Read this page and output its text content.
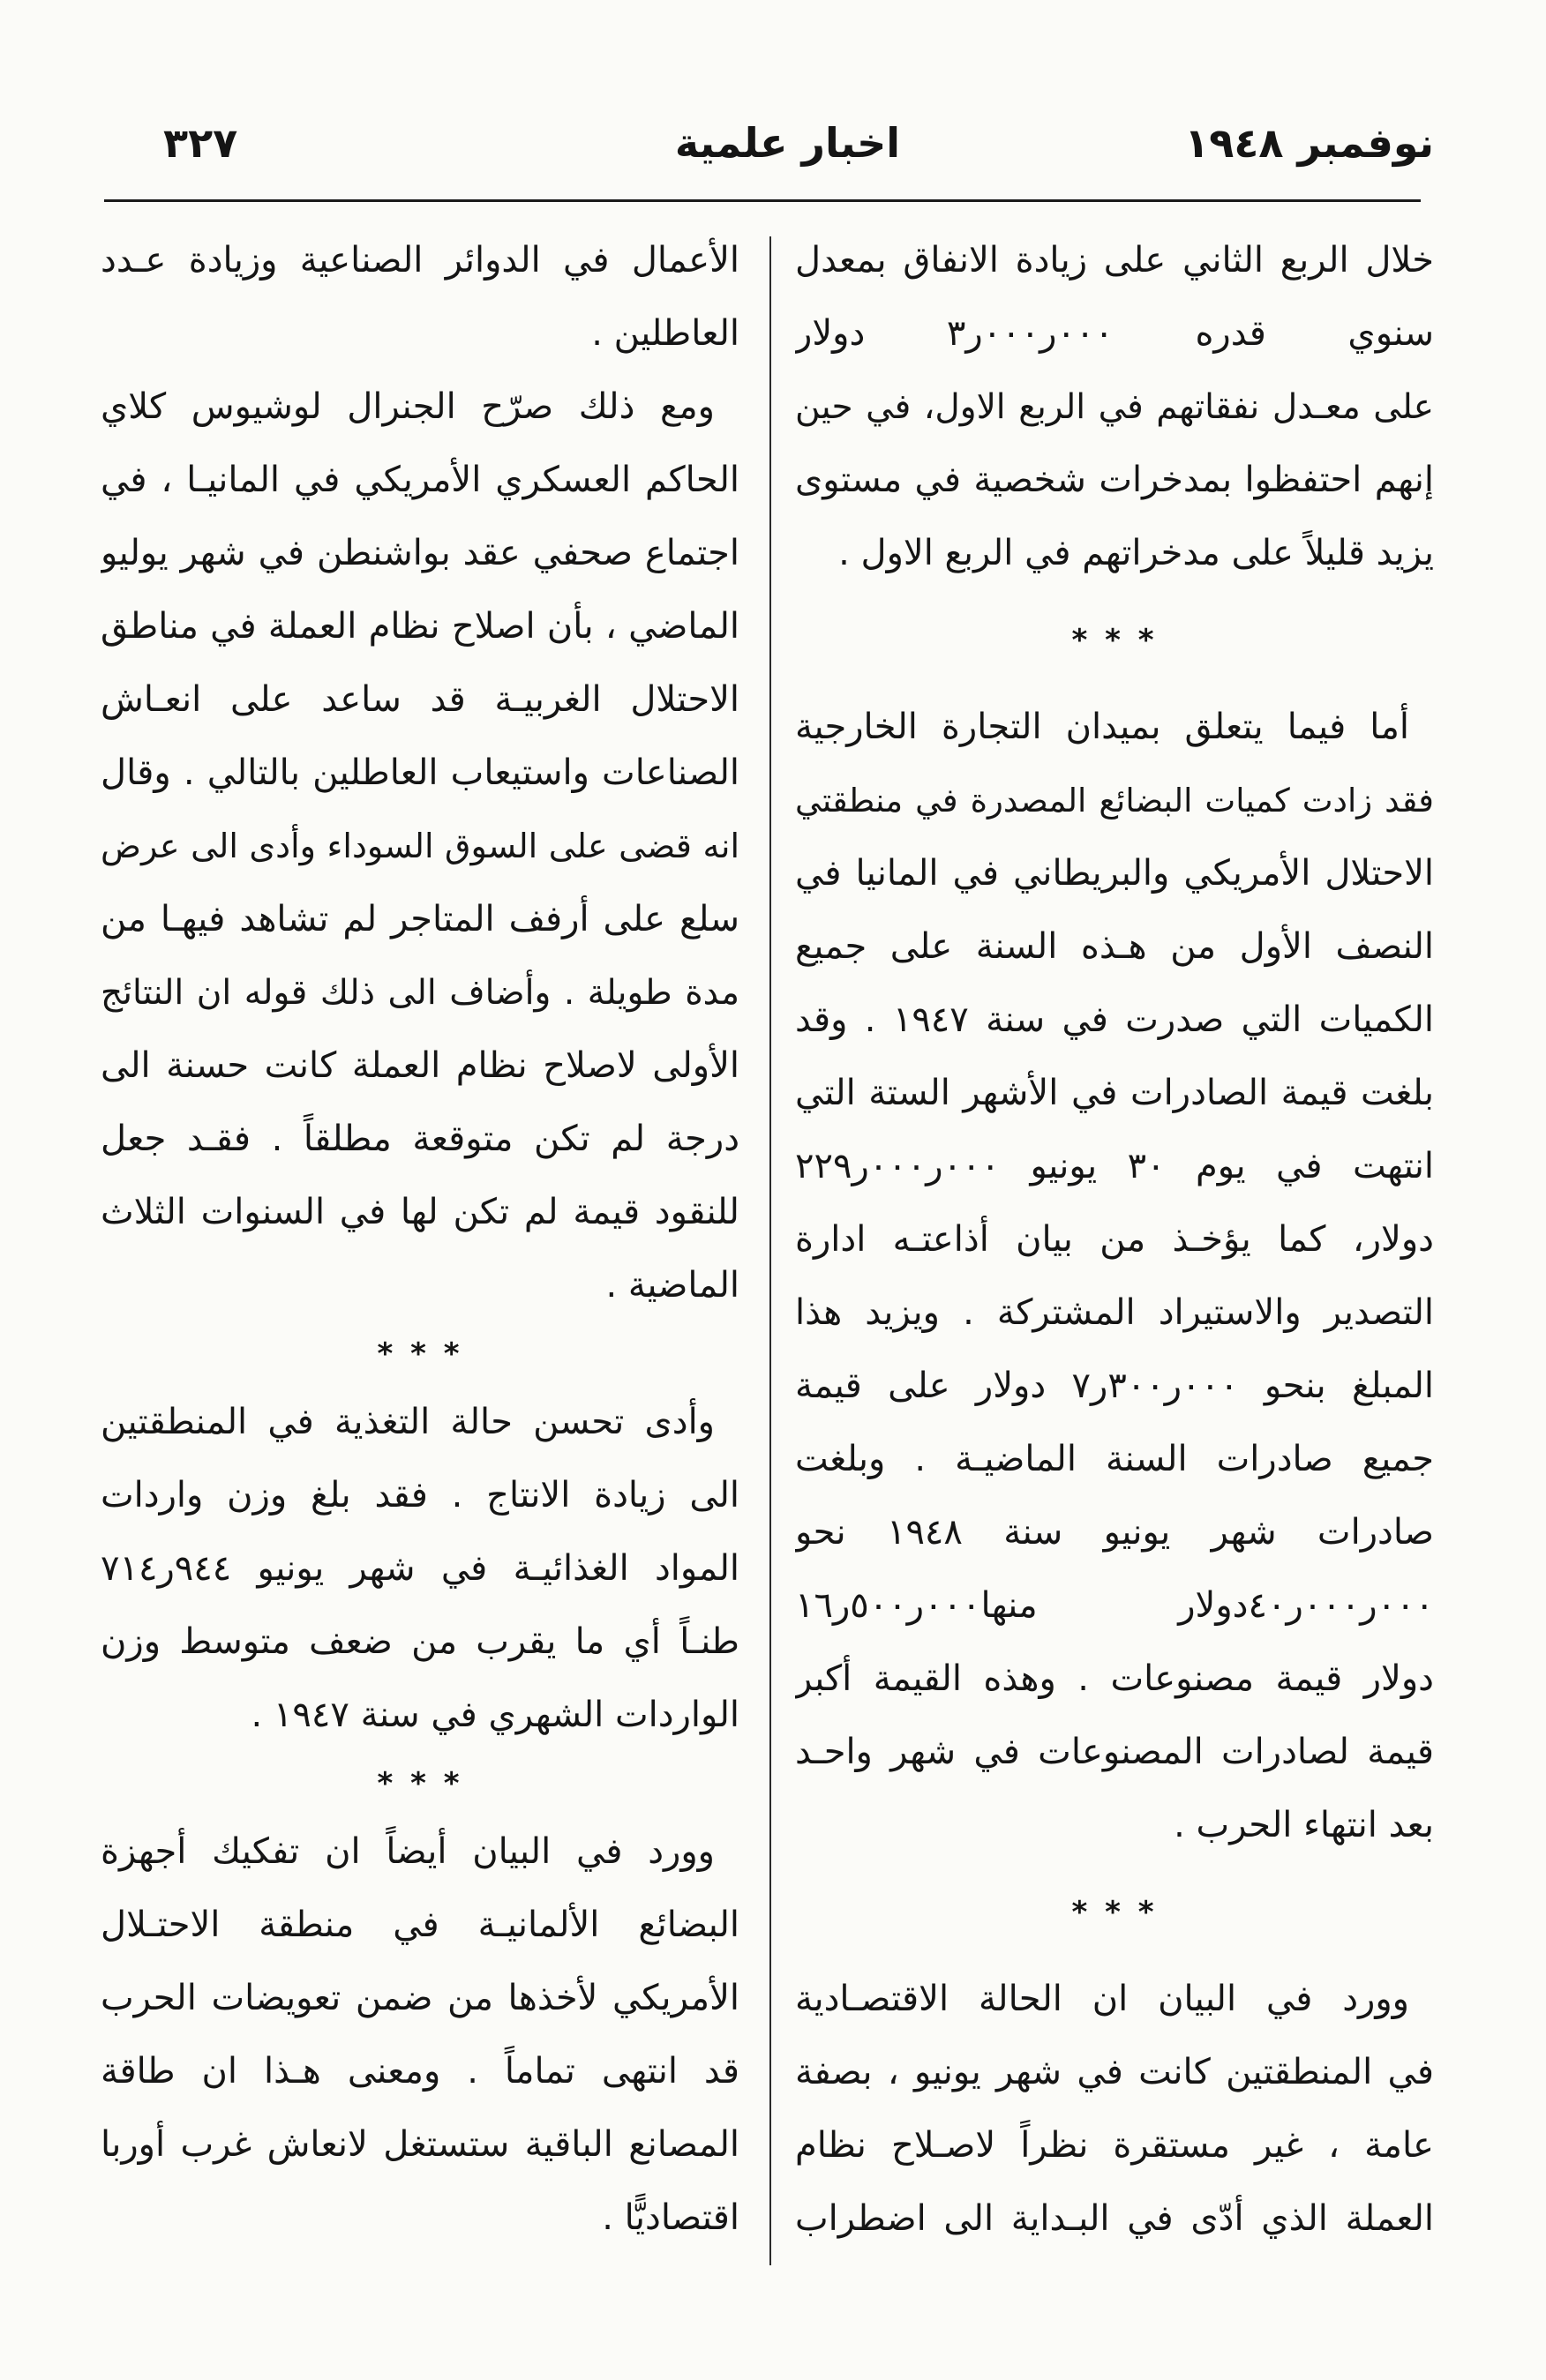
نوفمبر ١٩٤٨
اخبار علمية
٣٢٧
خلال الربع الثاني على زيادة الانفاق بمعدل
سنوي قدره ٠٠٠ر٠٠٠ر٣ دولار
على معـدل نفقاتهم في الربع الاول، في حين
إنهم احتفظوا بمدخرات شخصية في مستوى
يزيد قليلاً على مدخراتهم في الربع الاول .
* * *
أما فيما يتعلق بميدان التجارة الخارجية
فقد زادت كميات البضائع المصدرة في منطقتي
الاحتلال الأمريكي والبريطاني في المانيا في
النصف الأول من هـذه السنة على جميع
الكميات التي صدرت في سنة ١٩٤٧ . وقد
بلغت قيمة الصادرات في الأشهر الستة التي
انتهت في يوم ٣٠ يونيو ٠٠٠ر٠٠٠ر٢٢٩
دولار، كما يؤخـذ من بيان أذاعتـه ادارة
التصدير والاستيراد المشتركة . ويزيد هذا
المبلغ بنحو ٠٠٠ر٣٠٠ر٧ دولار على قيمة
جميع صادرات السنة الماضيـة . وبلغت
صادرات شهر يونيو سنة ١٩٤٨ نحو
٠٠٠ر٠٠٠ر٤٠دولار منها٠٠٠ر٥٠٠ر١٦
دولار قيمة مصنوعات . وهذه القيمة أكبر
قيمة لصادرات المصنوعات في شهر واحـد
بعد انتهاء الحرب .
* * *
وورد في البيان ان الحالة الاقتصـادية
في المنطقتين كانت في شهر يونيو ، بصفة
عامة ، غير مستقرة نظراً لاصـلاح نظام
العملة الذي أدّى في البـداية الى اضطراب
الأعمال في الدوائر الصناعية وزيادة عـدد
العاطلين .
ومع ذلك صرّح الجنرال لوشيوس كلاي
الحاكم العسكري الأمريكي في المانيـا ، في
اجتماع صحفي عقد بواشنطن في شهر يوليو
الماضي ، بأن اصلاح نظام العملة في مناطق
الاحتلال الغربيـة قد ساعد على انعـاش
الصناعات واستيعاب العاطلين بالتالي . وقال
انه قضى على السوق السوداء وأدى الى عرض
سلع على أرفف المتاجر لم تشاهد فيهـا من
مدة طويلة . وأضاف الى ذلك قوله ان النتائج
الأولى لاصلاح نظام العملة كانت حسنة الى
درجة لم تكن متوقعة مطلقاً . فقـد جعل
للنقود قيمة لم تكن لها في السنوات الثلاث
الماضية .
* * *
وأدى تحسن حالة التغذية في المنطقتين
الى زيادة الانتاج . فقد بلغ وزن واردات
المواد الغذائيـة في شهر يونيو ٩٤٤ر٧١٤
طنـاً أي ما يقرب من ضعف متوسط وزن
الواردات الشهري في سنة ١٩٤٧ .
* * *
وورد في البيان أيضاً ان تفكيك أجهزة
البضائع الألمانيـة في منطقة الاحتـلال
الأمريكي لأخذها من ضمن تعويضات الحرب
قد انتهى تماماً . ومعنى هـذا ان طاقة
المصانع الباقية ستستغل لانعاش غرب أوربا
اقتصاديًّا .
